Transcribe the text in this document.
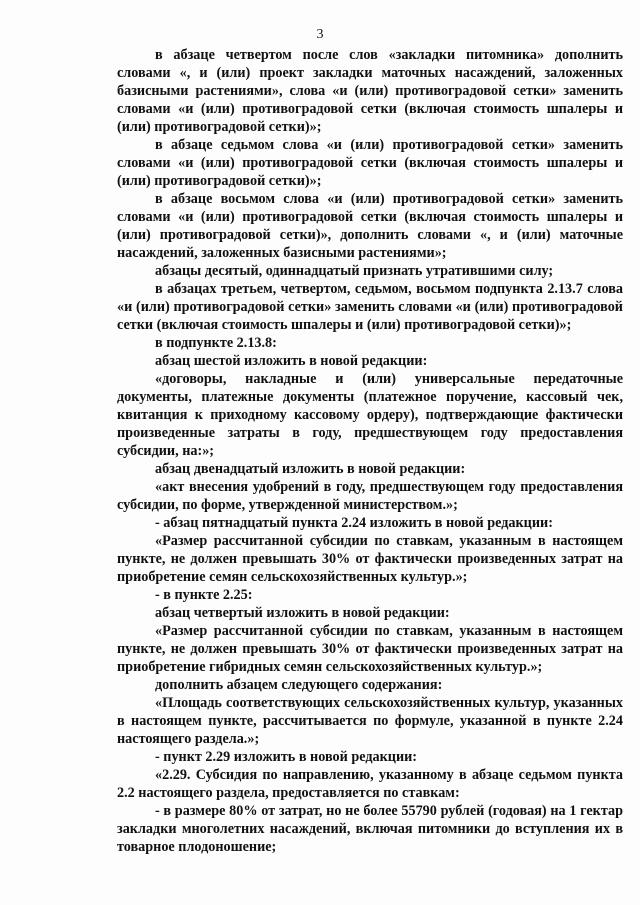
3

в абзаце четвертом после слов «закладки питомника» дополнить словами «, и (или) проект закладки маточных насаждений, заложенных базисными растениями», слова «и (или) противоградовой сетки» заменить словами «и (или) противоградовой сетки (включая стоимость шпалеры и (или) противоградовой сетки)»;

в абзаце седьмом слова «и (или) противоградовой сетки» заменить словами «и (или) противоградовой сетки (включая стоимость шпалеры и (или) противоградовой сетки)»;

в абзаце восьмом слова «и (или) противоградовой сетки» заменить словами «и (или) противоградовой сетки (включая стоимость шпалеры и (или) противоградовой сетки)», дополнить словами «, и (или) маточные насаждений, заложенных базисными растениями»;

абзацы десятый, одиннадцатый признать утратившими силу;

в абзацах третьем, четвертом, седьмом, восьмом подпункта 2.13.7 слова «и (или) противоградовой сетки» заменить словами «и (или) противоградовой сетки (включая стоимость шпалеры и (или) противоградовой сетки)»;

в подпункте 2.13.8:

абзац шестой изложить в новой редакции:

«договоры, накладные и (или) универсальные передаточные документы, платежные документы (платежное поручение, кассовый чек, квитанция к приходному кассовому ордеру), подтверждающие фактически произведенные затраты в году, предшествующем году предоставления субсидии, на:»;

абзац двенадцатый изложить в новой редакции:

«акт внесения удобрений в году, предшествующем году предоставления субсидии, по форме, утвержденной министерством.»;

- абзац пятнадцатый пункта 2.24 изложить в новой редакции:

«Размер рассчитанной субсидии по ставкам, указанным в настоящем пункте, не должен превышать 30% от фактически произведенных затрат на приобретение семян сельскохозяйственных культур.»;

- в пункте 2.25:

абзац четвертый изложить в новой редакции:

«Размер рассчитанной субсидии по ставкам, указанным в настоящем пункте, не должен превышать 30% от фактически произведенных затрат на приобретение гибридных семян сельскохозяйственных культур.»;

дополнить абзацем следующего содержания:

«Площадь соответствующих сельскохозяйственных культур, указанных в настоящем пункте, рассчитывается по формуле, указанной в пункте 2.24 настоящего раздела.»;

- пункт 2.29 изложить в новой редакции:

«2.29. Субсидия по направлению, указанному в абзаце седьмом пункта 2.2 настоящего раздела, предоставляется по ставкам:

- в размере 80% от затрат, но не более 55790 рублей (годовая) на 1 гектар закладки многолетних насаждений, включая питомники до вступления их в товарное плодоношение;
